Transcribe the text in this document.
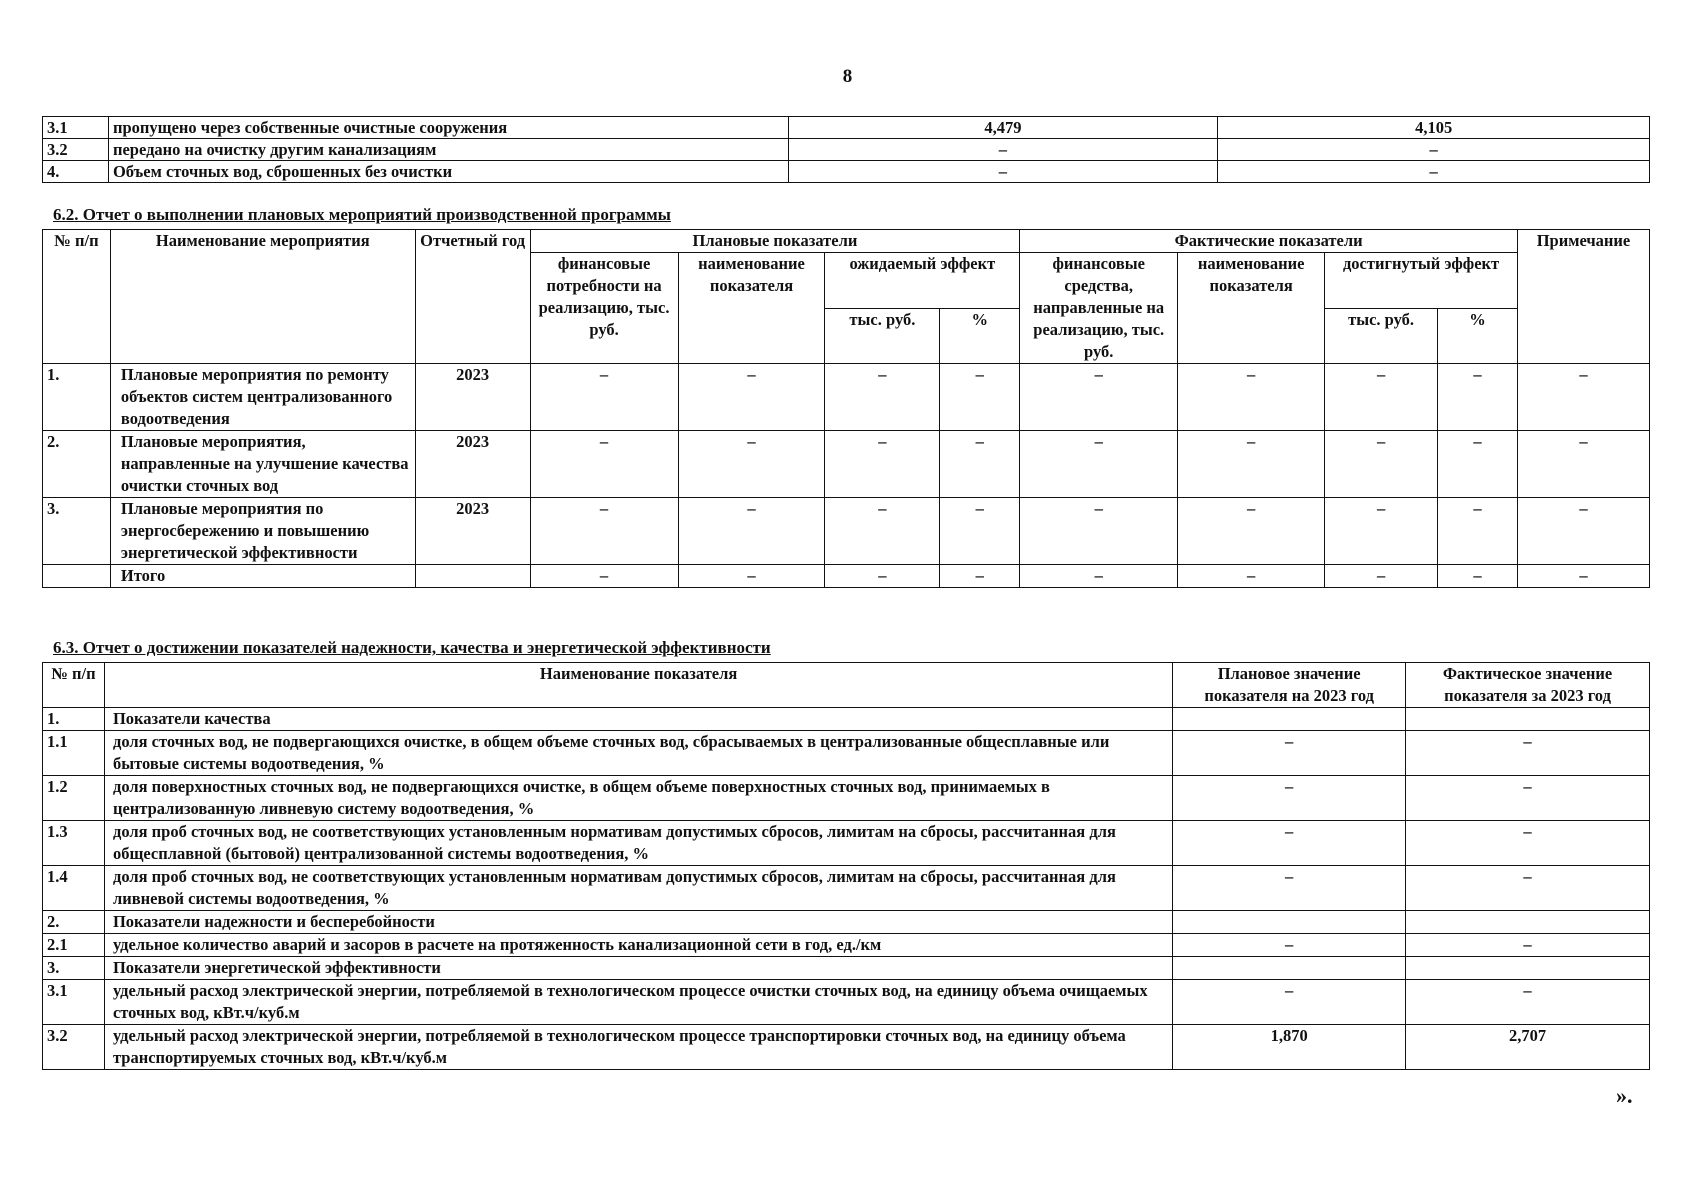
8
3.1	пропущено через собственные очистные сооружения	4,479	4,105
3.2	передано на очистку другим канализациям	–	–
4.	Объем сточных вод, сброшенных без очистки	–	–
6.2. Отчет о выполнении плановых мероприятий производственной программы
№ п/п	Наименование мероприятия	Отчетный год	Плановые показатели				Фактические показатели				Примечание
			финансовые потребности на реализацию, тыс. руб.	наименование показателя	ожидаемый эффект		финансовые средства, направленные на реализацию, тыс. руб.	наименование показателя	достигнутый эффект		
					тыс. руб.	%			тыс. руб.	%	
1.	Плановые мероприятия по ремонту объектов систем централизованного водоотведения	2023	–	–	–	–	–	–	–	–	–
2.	Плановые мероприятия, направленные на улучшение качества очистки сточных вод	2023	–	–	–	–	–	–	–	–	–
3.	Плановые мероприятия по энергосбережению и повышению энергетической эффективности	2023	–	–	–	–	–	–	–	–	–
	Итого		–	–	–	–	–	–	–	–	–
6.3. Отчет о достижении показателей надежности, качества и энергетической эффективности
№ п/п	Наименование показателя	Плановое значение показателя на 2023 год	Фактическое значение показателя за 2023 год
1.	Показатели качества		
1.1	доля сточных вод, не подвергающихся очистке, в общем объеме сточных вод, сбрасываемых в централизованные общесплавные или бытовые системы водоотведения, %	–	–
1.2	доля поверхностных сточных вод, не подвергающихся очистке, в общем объеме поверхностных сточных вод, принимаемых в централизованную ливневую систему водоотведения, %	–	–
1.3	доля проб сточных вод, не соответствующих установленным нормативам допустимых сбросов, лимитам на сбросы, рассчитанная для общесплавной (бытовой) централизованной системы водоотведения, %	–	–
1.4	доля проб сточных вод, не соответствующих установленным нормативам допустимых сбросов, лимитам на сбросы, рассчитанная для ливневой системы водоотведения, %	–	–
2.	Показатели надежности и бесперебойности		
2.1	удельное количество аварий и засоров в расчете на протяженность канализационной сети в год, ед./км	–	–
3.	Показатели энергетической эффективности		
3.1	удельный расход электрической энергии, потребляемой в технологическом процессе очистки сточных вод, на единицу объема очищаемых сточных вод, кВт.ч/куб.м	–	–
3.2	удельный расход электрической энергии, потребляемой в технологическом процессе транспортировки сточных вод, на единицу объема транспортируемых сточных вод, кВт.ч/куб.м	1,870	2,707
».
